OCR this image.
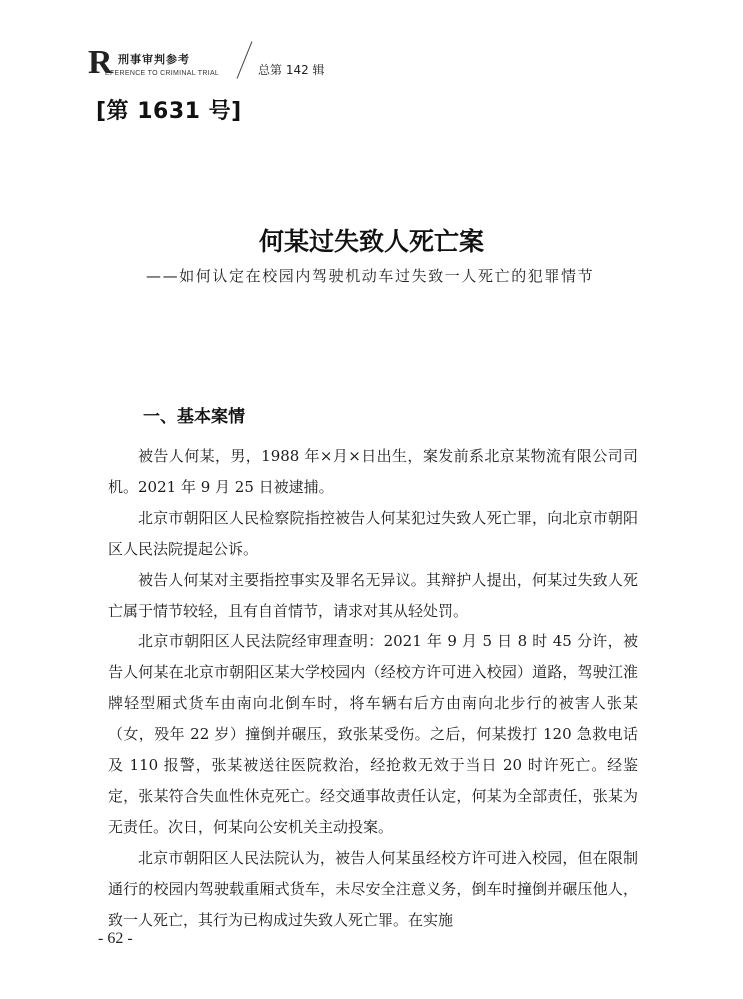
R 刑事审判参考
EFERENCE TO CRIMINAL TRIAL	总第 142 辑
[第 1631 号]
何某过失致人死亡案
——如何认定在校园内驾驶机动车过失致一人死亡的犯罪情节
一、基本案情

被告人何某，男，1988 年×月×日出生，案发前系北京某物流有限公司司机。2021 年 9 月 25 日被逮捕。

北京市朝阳区人民检察院指控被告人何某犯过失致人死亡罪，向北京市朝阳区人民法院提起公诉。

被告人何某对主要指控事实及罪名无异议。其辩护人提出，何某过失致人死亡属于情节较轻，且有自首情节，请求对其从轻处罚。

北京市朝阳区人民法院经审理查明：2021 年 9 月 5 日 8 时 45 分许，被告人何某在北京市朝阳区某大学校园内（经校方许可进入校园）道路，驾驶江淮牌轻型厢式货车由南向北倒车时，将车辆右后方由南向北步行的被害人张某（女，殁年 22 岁）撞倒并碾压，致张某受伤。之后，何某拨打 120 急救电话及 110 报警，张某被送往医院救治，经抢救无效于当日 20 时许死亡。经鉴定，张某符合失血性休克死亡。经交通事故责任认定，何某为全部责任，张某为无责任。次日，何某向公安机关主动投案。

北京市朝阳区人民法院认为，被告人何某虽经校方许可进入校园，但在限制通行的校园内驾驶载重厢式货车，未尽安全注意义务，倒车时撞倒并碾压他人，致一人死亡，其行为已构成过失致人死亡罪。在实施

- 62 -
